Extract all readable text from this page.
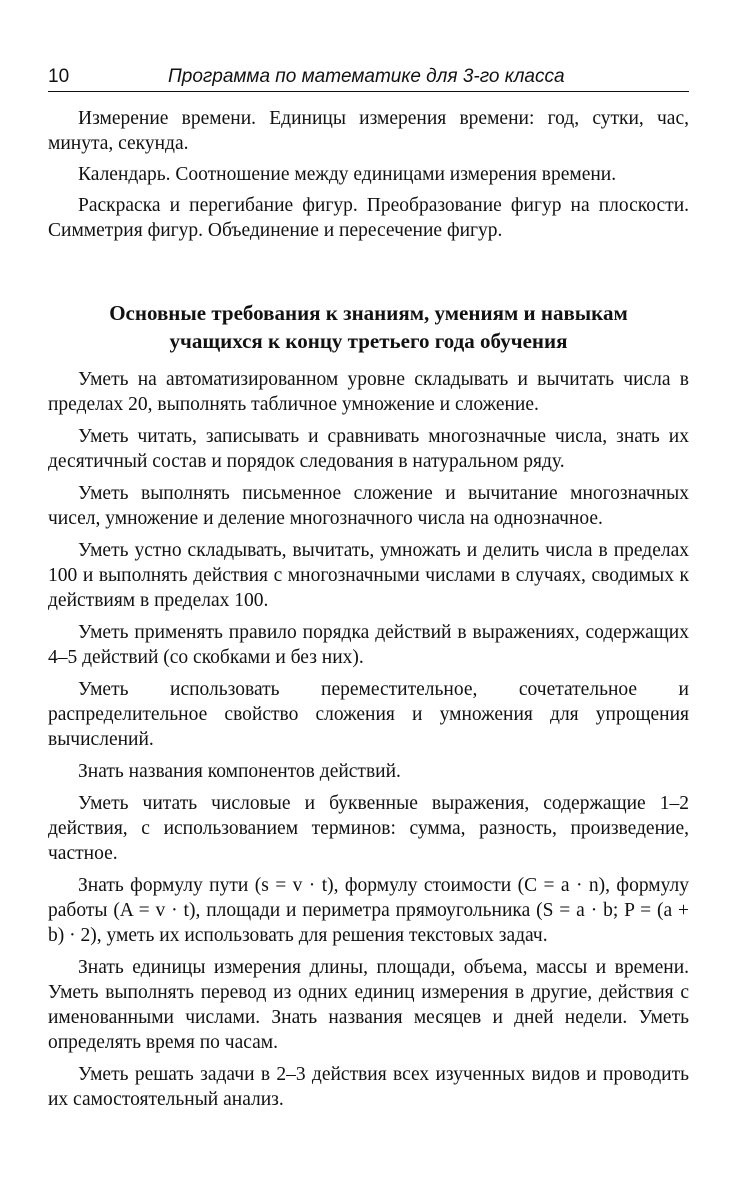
10	Программа по математике для 3-го класса

Измерение времени. Единицы измерения времени: год, сутки, час, минута, секунда.

Календарь. Соотношение между единицами измерения времени.

Раскраска и перегибание фигур. Преобразование фигур на плоскости. Симметрия фигур. Объединение и пересечение фигур.

Основные требования к знаниям, умениям и навыкам
учащихся к концу третьего года обучения

Уметь на автоматизированном уровне складывать и вычитать числа в пределах 20, выполнять табличное умножение и сложение.

Уметь читать, записывать и сравнивать многозначные числа, знать их десятичный состав и порядок следования в натуральном ряду.

Уметь выполнять письменное сложение и вычитание многозначных чисел, умножение и деление многозначного числа на однозначное.

Уметь устно складывать, вычитать, умножать и делить числа в пределах 100 и выполнять действия с многозначными числами в случаях, сводимых к действиям в пределах 100.

Уметь применять правило порядка действий в выражениях, содержащих 4–5 действий (со скобками и без них).

Уметь использовать переместительное, сочетательное и распределительное свойство сложения и умножения для упрощения вычислений.

Знать названия компонентов действий.

Уметь читать числовые и буквенные выражения, содержащие 1–2 действия, с использованием терминов: сумма, разность, произведение, частное.

Знать формулу пути (s = v · t), формулу стоимости (C = a · n), формулу работы (A = v · t), площади и периметра прямоугольника (S = a · b; P = (a + b) · 2), уметь их использовать для решения текстовых задач.

Знать единицы измерения длины, площади, объема, массы и времени. Уметь выполнять перевод из одних единиц измерения в другие, действия с именованными числами. Знать названия месяцев и дней недели. Уметь определять время по часам.

Уметь решать задачи в 2–3 действия всех изученных видов и проводить их самостоятельный анализ.
